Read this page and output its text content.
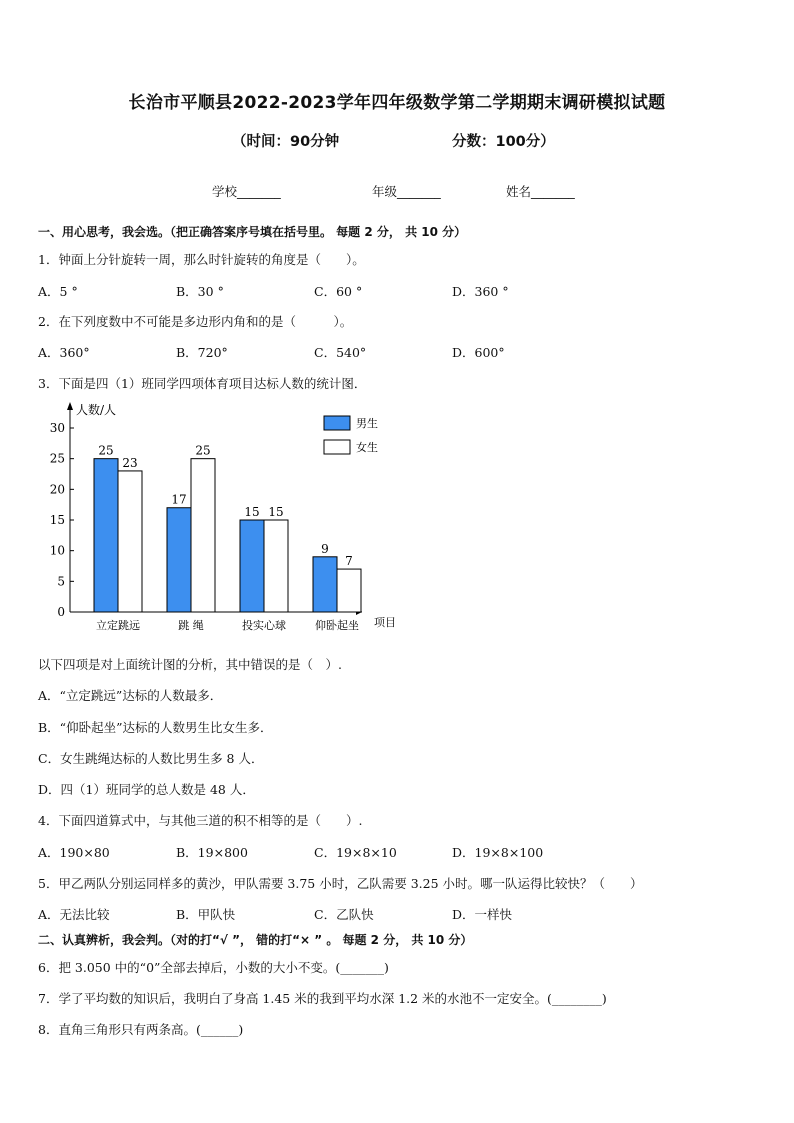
长治市平顺县2022-2023学年四年级数学第二学期期末调研模拟试题
（时间：90分钟	分数：100分）
学校_______	年级_______	姓名_______
一、用心思考，我会选。（把正确答案序号填在括号里。 每题 2 分， 共 10 分）
1．钟面上分针旋转一周，那么时针旋转的角度是（　　）。
A．5 °	B．30 °	C．60 °	D．360 °
2．在下列度数中不可能是多边形内角和的是（　　　）。
A．360°	B．720°	C．540°	D．600°
3．下面是四（1）班同学四项体育项目达标人数的统计图．
人数/人
项目
0
5
10
15
20
25
30
25
23
立定跳远
17
25
跳 绳
15 15
投实心球
9
7
仰卧起坐
男生
女生
以下四项是对上面统计图的分析，其中错误的是（　）.
A．“立定跳远”达标的人数最多．
B．“仰卧起坐”达标的人数男生比女生多．
C．女生跳绳达标的人数比男生多 8 人．
D．四（1）班同学的总人数是 48 人．
4．下面四道算式中，与其他三道的积不相等的是（　　）.
A．190×80	B．19×800	C．19×8×10	D．19×8×100
5．甲乙两队分别运同样多的黄沙，甲队需要 3.75 小时，乙队需要 3.25 小时。哪一队运得比较快？（　　）
A．无法比较	B．甲队快	C．乙队快	D．一样快
二、认真辨析，我会判。（对的打“√ ”， 错的打“× ” 。 每题 2 分， 共 10 分）
6．把 3.050 中的“0”全部去掉后，小数的大小不变。(_______)
7．学了平均数的知识后，我明白了身高 1.45 米的我到平均水深 1.2 米的水池不一定安全。(________)
8．直角三角形只有两条高。(______)
